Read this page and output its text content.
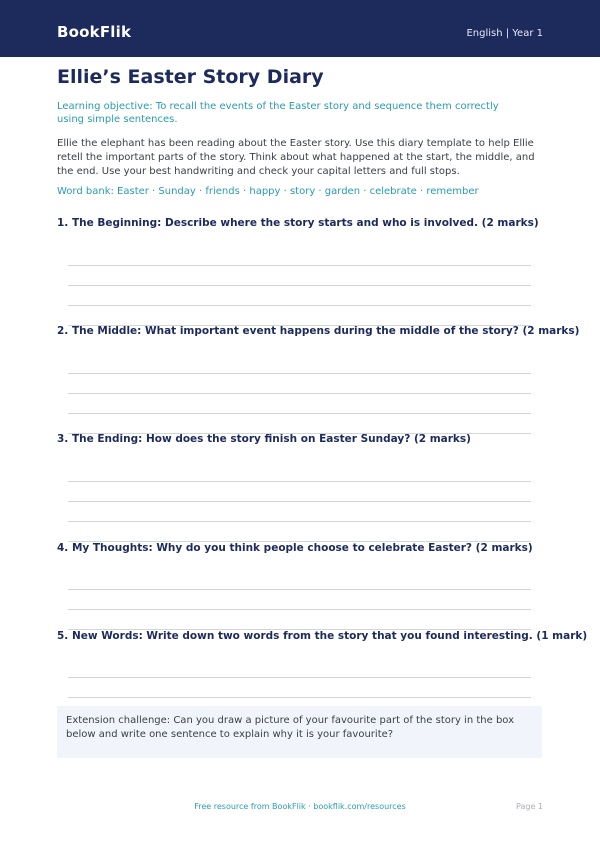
BookFlik	English | Year 1
Ellie’s Easter Story Diary
Learning objective: To recall the events of the Easter story and sequence them correctly using simple sentences.
Ellie the elephant has been reading about the Easter story. Use this diary template to help Ellie retell the important parts of the story. Think about what happened at the start, the middle, and the end. Use your best handwriting and check your capital letters and full stops.
Word bank: Easter · Sunday · friends · happy · story · garden · celebrate · remember
1. The Beginning: Describe where the story starts and who is involved. (2 marks)
2. The Middle: What important event happens during the middle of the story? (2 marks)
3. The Ending: How does the story finish on Easter Sunday? (2 marks)
4. My Thoughts: Why do you think people choose to celebrate Easter? (2 marks)
5. New Words: Write down two words from the story that you found interesting. (1 mark)
Extension challenge: Can you draw a picture of your favourite part of the story in the box below and write one sentence to explain why it is your favourite?
Free resource from BookFlik · bookflik.com/resources	Page 1
